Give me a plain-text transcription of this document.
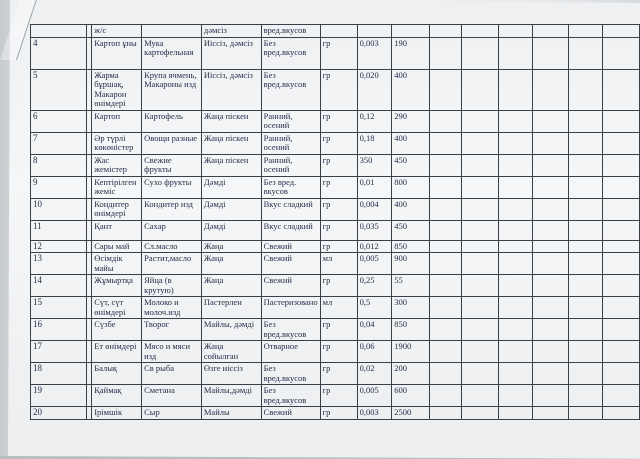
		ж/с		дәмсіз	вред.вкусов									
4		Картоп ұны	Мука картофельная	Иіссіз, дәмсіз	Без вред.вкусов	гр	0,003	190						
5		Жарма бұршақ, Макарон өнімдері	Крупа ячмень, Макароны изд	Иіссіз, дәмсіз	Без вред.вкусов	гр	0,020	400						
6		Картоп	Картофель	Жаңа піскен	Ранний, осений	гр	0,12	290						
7		Әр түрлі көкөністер	Овощи разные	Жаңа піскен	Ранний, осений	гр	0,18	400						
8		Жас жемістер	Свежие фрукты	Жаңа піскен	Ранний, осений	гр	350	450						
9		Кептірілген жеміс	Сухо фрукты	Дәмді	Без вред. вкусов	гр	0,01	800						
10		Кондитер өнімдері	Кондитер изд	Дәмді	Вкус сладкий	гр	0,004	400						
11		Қант	Сахар	Дәмді	Вкус сладкий	гр	0,035	450						
12		Сары май	Сл.масло	Жаңа	Свежий	гр	0,012	850						
13		Өсімдік майы	Растит,масло	Жаңа	Свежий	мл	0,005	900						
14		Жұмыртқа	Яйца (в крутую)	Жаңа	Свежий	гр	0,25	55						
15		Сүт, сүт өнімдері	Молоко и молоч.изд	Пастерлен	Пастеризовано	мл	0,5	300						
16		Сүзбе	Творог	Майлы, дәмді	Без вред.вкусов	гр	0,04	850						
17		Ет өнімдері	Мясо и мяси изд	Жаңа сойылған	Отварное	гр	0,06	1900						
18		Балық	Св рыба	Өзге иіссіз	Без вред.вкусов	гр	0,02	200						
19		Қаймақ	Сметана	Майлы,дәмді	Без вред.вкусов	гр	0,005	600						
20		Ірімшік	Сыр	Майлы	Свежий	гр	0,003	2500						
